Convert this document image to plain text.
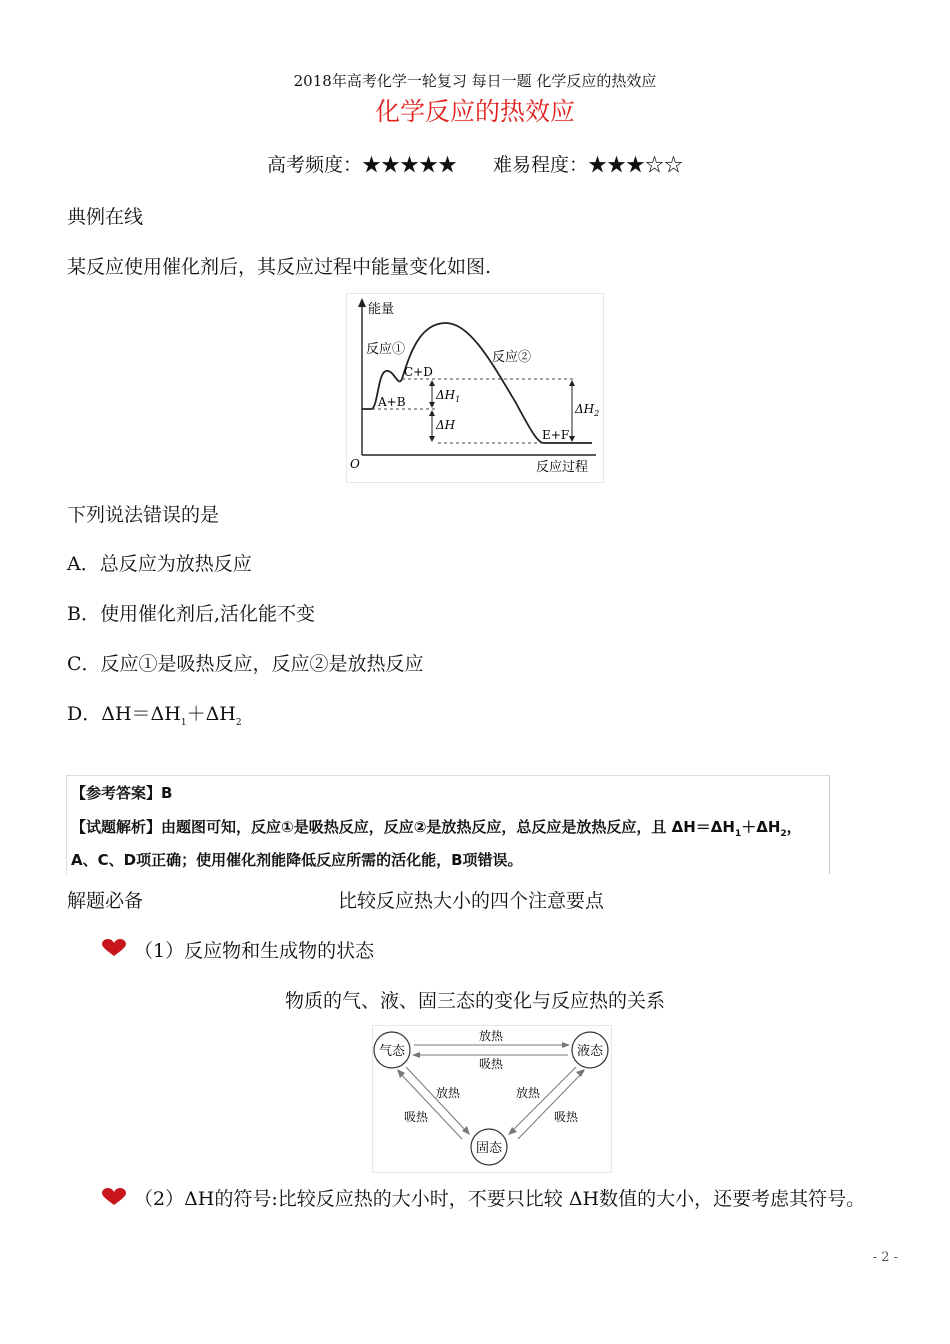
2018年高考化学一轮复习 每日一题 化学反应的热效应
化学反应的热效应
高考频度：★★★★★ 难易程度：★★★☆☆
典例在线
某反应使用催化剂后，其反应过程中能量变化如图.
能量
O	反应过程
反应①
反应②
C+D
A+B
E+F
$\Delta H_1$
ΔH
$\Delta H_2$
下列说法错误的是
A．总反应为放热反应
B．使用催化剂后,活化能不变
C．反应①是吸热反应，反应②是放热反应
D．$\Delta H=\Delta H_1+\Delta H_2$
【参考答案】B
【试题解析】由题图可知，反应①是吸热反应，反应②是放热反应，总反应是放热反应，且 $\Delta H=\Delta H_1+\Delta H_2$，
A、C、D项正确；使用催化剂能降低反应所需的活化能，B项错误。
解题必备	比较反应热大小的四个注意要点
（1）反应物和生成物的状态
物质的气、液、固三态的变化与反应热的关系
气态	液态
固态
放热
吸热
放热
吸热
放热
吸热
（2）ΔH的符号:比较反应热的大小时，不要只比较 ΔH数值的大小，还要考虑其符号。
- 2 -
